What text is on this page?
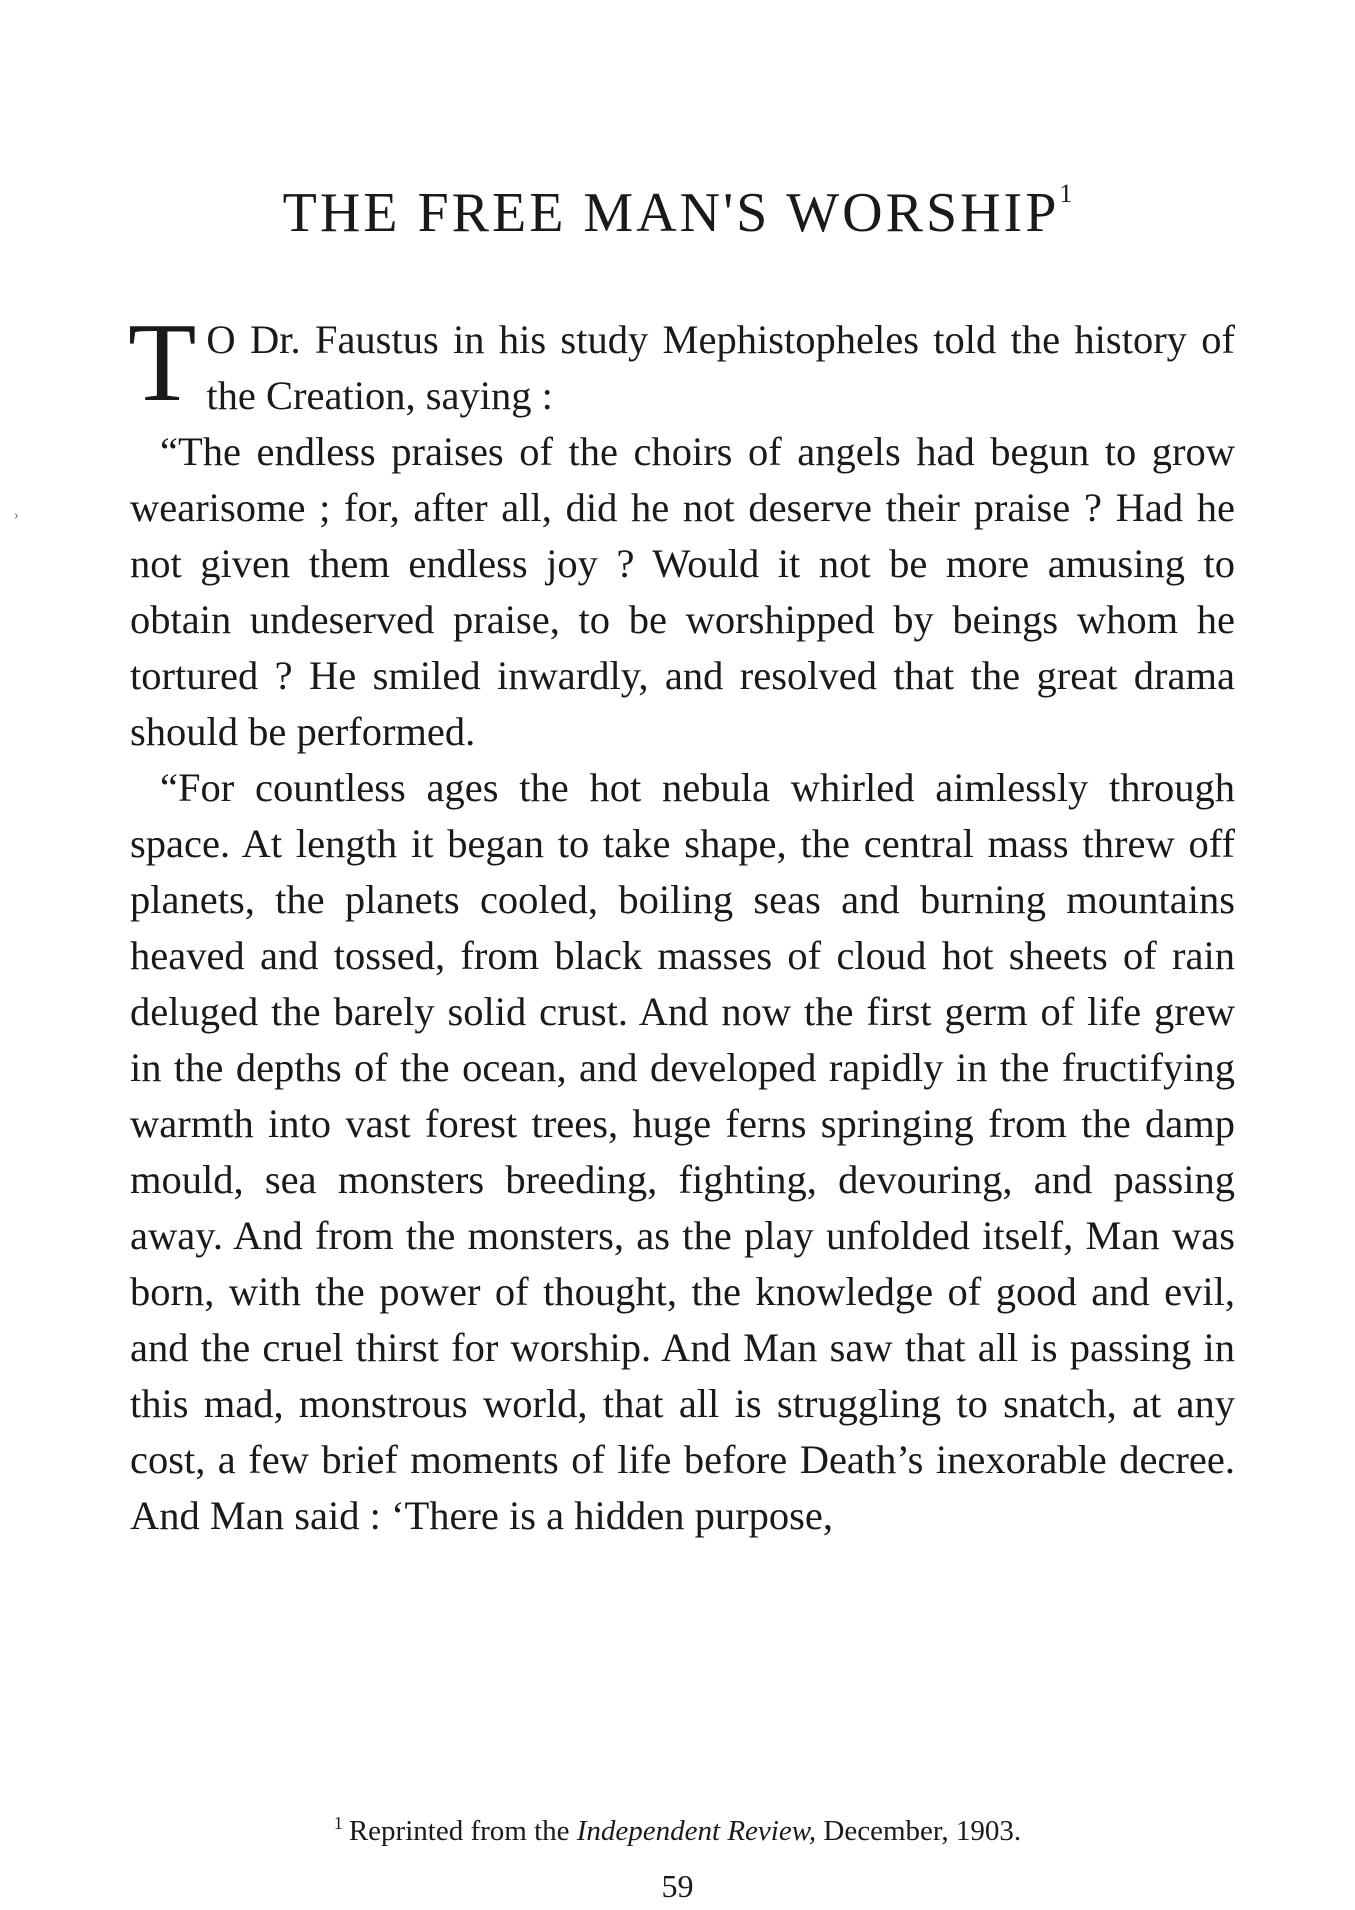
THE FREE MAN'S WORSHIP$^1$
›

T O Dr. Faustus in his study Mephistopheles told the history of the Creation, saying :

“The endless praises of the choirs of angels had begun to grow wearisome ; for, after all, did he not deserve their praise ? Had he not given them endless joy ? Would it not be more amusing to obtain undeserved praise, to be worshipped by beings whom he tortured ? He smiled inwardly, and resolved that the great drama should be performed.

“For countless ages the hot nebula whirled aimlessly through space. At length it began to take shape, the central mass threw off planets, the planets cooled, boiling seas and burning mountains heaved and tossed, from black masses of cloud hot sheets of rain deluged the barely solid crust. And now the first germ of life grew in the depths of the ocean, and developed rapidly in the fructifying warmth into vast forest trees, huge ferns springing from the damp mould, sea monsters breeding, fighting, devouring, and passing away. And from the monsters, as the play unfolded itself, Man was born, with the power of thought, the knowledge of good and evil, and the cruel thirst for worship. And Man saw that all is passing in this mad, monstrous world, that all is struggling to snatch, at any cost, a few brief moments of life before Death’s inexorable decree. And Man said : ‘There is a hidden purpose,

$^1$ Reprinted from the Independent Review, December, 1903.
59
